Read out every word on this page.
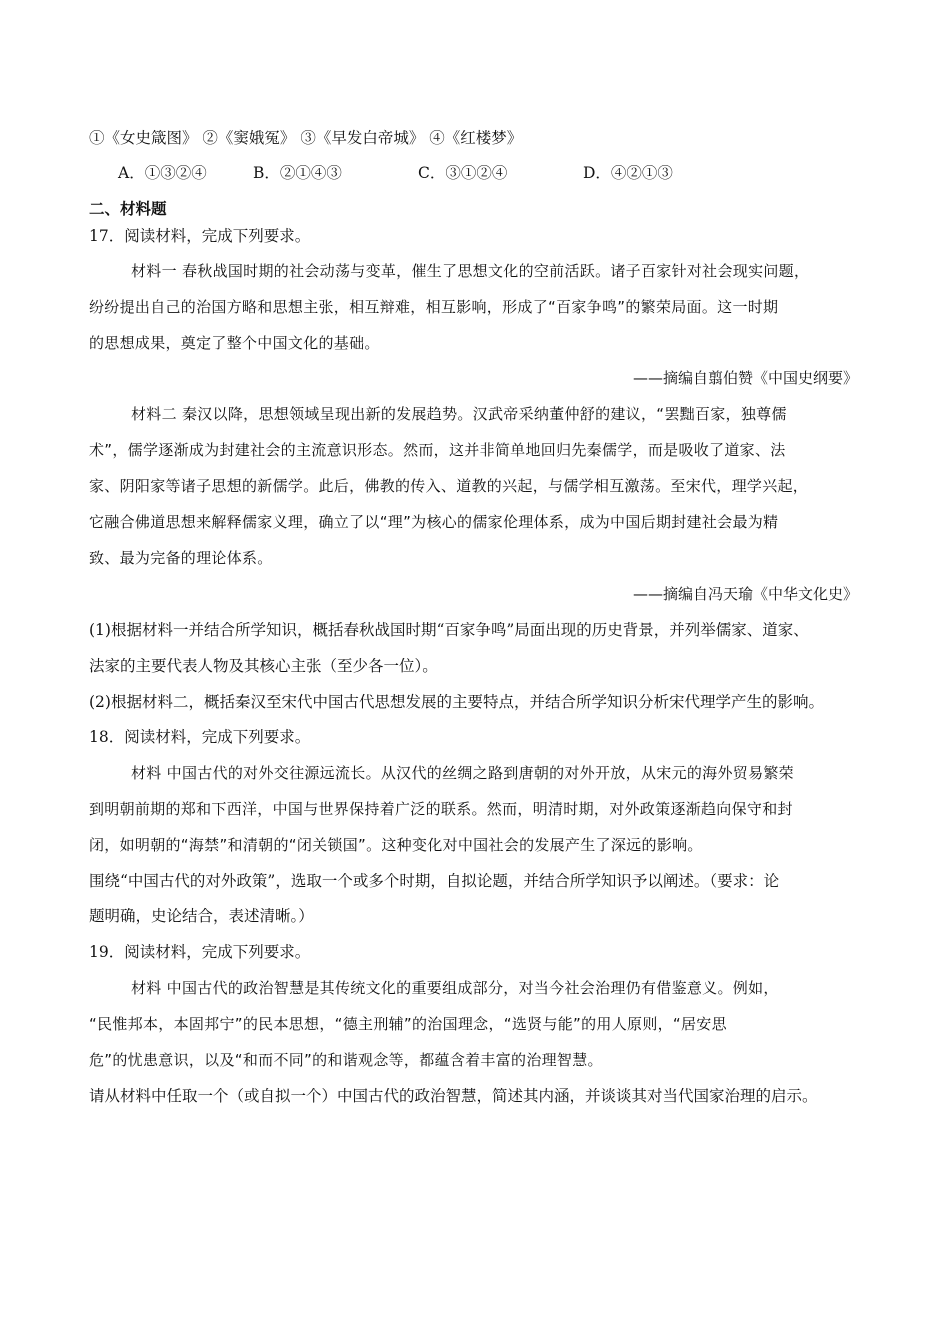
①《女史箴图》 ②《窦娥冤》 ③《早发白帝城》 ④《红楼梦》
A．①③②④	B．②①④③	C．③①②④	D．④②①③
二、材料题
17．阅读材料，完成下列要求。
材料一 春秋战国时期的社会动荡与变革，催生了思想文化的空前活跃。诸子百家针对社会现实问题，
纷纷提出自己的治国方略和思想主张，相互辩难，相互影响，形成了“百家争鸣”的繁荣局面。这一时期
的思想成果，奠定了整个中国文化的基础。
——摘编自翦伯赞《中国史纲要》
材料二 秦汉以降，思想领域呈现出新的发展趋势。汉武帝采纳董仲舒的建议，“罢黜百家，独尊儒
术”，儒学逐渐成为封建社会的主流意识形态。然而，这并非简单地回归先秦儒学，而是吸收了道家、法
家、阴阳家等诸子思想的新儒学。此后，佛教的传入、道教的兴起，与儒学相互激荡。至宋代，理学兴起，
它融合佛道思想来解释儒家义理，确立了以“理”为核心的儒家伦理体系，成为中国后期封建社会最为精
致、最为完备的理论体系。
——摘编自冯天瑜《中华文化史》
(1)根据材料一并结合所学知识，概括春秋战国时期“百家争鸣”局面出现的历史背景，并列举儒家、道家、
法家的主要代表人物及其核心主张（至少各一位）。
(2)根据材料二，概括秦汉至宋代中国古代思想发展的主要特点，并结合所学知识分析宋代理学产生的影响。
18．阅读材料，完成下列要求。
材料 中国古代的对外交往源远流长。从汉代的丝绸之路到唐朝的对外开放，从宋元的海外贸易繁荣
到明朝前期的郑和下西洋，中国与世界保持着广泛的联系。然而，明清时期，对外政策逐渐趋向保守和封
闭，如明朝的“海禁”和清朝的“闭关锁国”。这种变化对中国社会的发展产生了深远的影响。
围绕“中国古代的对外政策”，选取一个或多个时期，自拟论题，并结合所学知识予以阐述。（要求：论
题明确，史论结合，表述清晰。）
19．阅读材料，完成下列要求。
材料 中国古代的政治智慧是其传统文化的重要组成部分，对当今社会治理仍有借鉴意义。例如，
“民惟邦本，本固邦宁”的民本思想，“德主刑辅”的治国理念，“选贤与能”的用人原则，“居安思
危”的忧患意识，以及“和而不同”的和谐观念等，都蕴含着丰富的治理智慧。
请从材料中任取一个（或自拟一个）中国古代的政治智慧，简述其内涵，并谈谈其对当代国家治理的启示。
